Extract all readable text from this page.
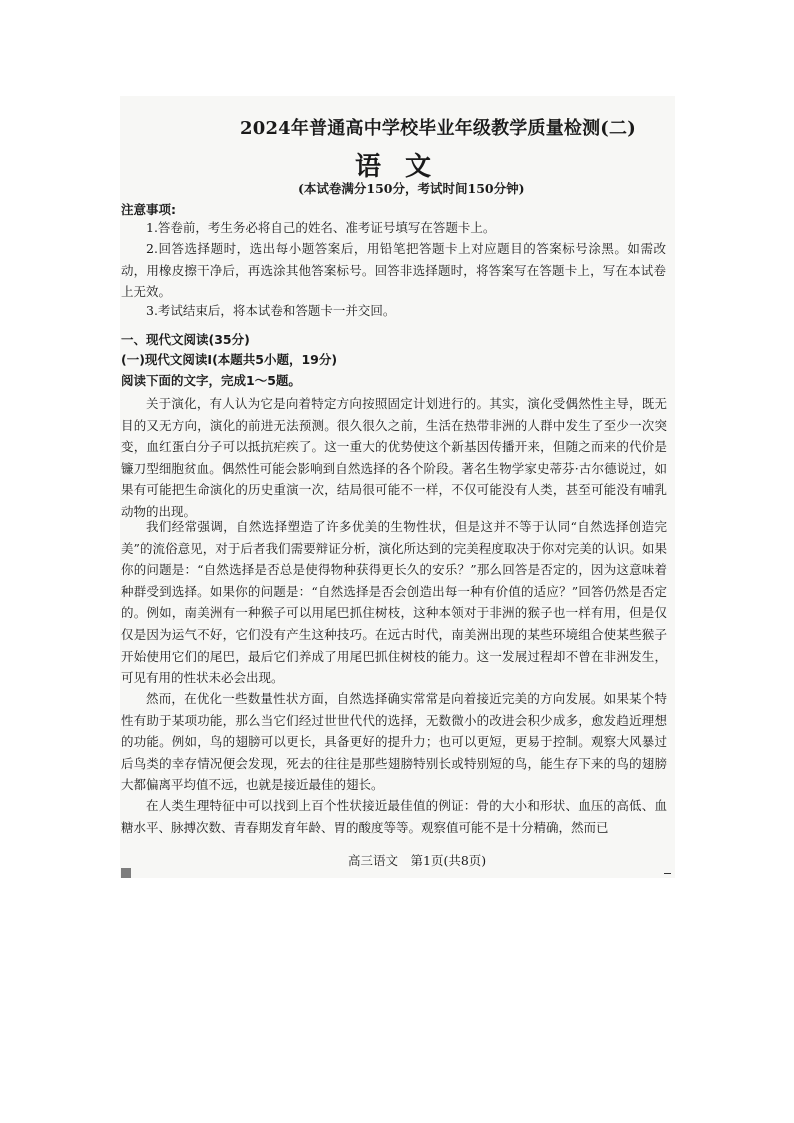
2024年普通高中学校毕业年级教学质量检测(二)
语文
(本试卷满分150分，考试时间150分钟)
注意事项:
1.答卷前，考生务必将自己的姓名、准考证号填写在答题卡上。
2.回答选择题时，选出每小题答案后，用铅笔把答题卡上对应题目的答案标号涂黑。如需改动，用橡皮擦干净后，再选涂其他答案标号。回答非选择题时，将答案写在答题卡上，写在本试卷上无效。
3.考试结束后，将本试卷和答题卡一并交回。
一、现代文阅读(35分)
(一)现代文阅读Ⅰ(本题共5小题，19分)
阅读下面的文字，完成1～5题。
关于演化，有人认为它是向着特定方向按照固定计划进行的。其实，演化受偶然性主导，既无目的又无方向，演化的前进无法预测。很久很久之前，生活在热带非洲的人群中发生了至少一次突变，血红蛋白分子可以抵抗疟疾了。这一重大的优势使这个新基因传播开来，但随之而来的代价是镰刀型细胞贫血。偶然性可能会影响到自然选择的各个阶段。著名生物学家史蒂芬·古尔德说过，如果有可能把生命演化的历史重演一次，结局很可能不一样，不仅可能没有人类，甚至可能没有哺乳动物的出现。
我们经常强调，自然选择塑造了许多优美的生物性状，但是这并不等于认同“自然选择创造完美”的流俗意见，对于后者我们需要辩证分析，演化所达到的完美程度取决于你对完美的认识。如果你的问题是：“自然选择是否总是使得物种获得更长久的安乐？”那么回答是否定的，因为这意味着种群受到选择。如果你的问题是：“自然选择是否会创造出每一种有价值的适应？”回答仍然是否定的。例如，南美洲有一种猴子可以用尾巴抓住树枝，这种本领对于非洲的猴子也一样有用，但是仅仅是因为运气不好，它们没有产生这种技巧。在远古时代，南美洲出现的某些环境组合使某些猴子开始使用它们的尾巴，最后它们养成了用尾巴抓住树枝的能力。这一发展过程却不曾在非洲发生，可见有用的性状未必会出现。
然而，在优化一些数量性状方面，自然选择确实常常是向着接近完美的方向发展。如果某个特性有助于某项功能，那么当它们经过世世代代的选择，无数微小的改进会积少成多，愈发趋近理想的功能。例如，鸟的翅膀可以更长，具备更好的提升力；也可以更短，更易于控制。观察大风暴过后鸟类的幸存情况便会发现，死去的往往是那些翅膀特别长或特别短的鸟，能生存下来的鸟的翅膀大都偏离平均值不远，也就是接近最佳的翅长。
在人类生理特征中可以找到上百个性状接近最佳值的例证：骨的大小和形状、血压的高低、血糖水平、脉搏次数、青春期发育年龄、胃的酸度等等。观察值可能不是十分精确，然而已
高三语文　第1页(共8页)
